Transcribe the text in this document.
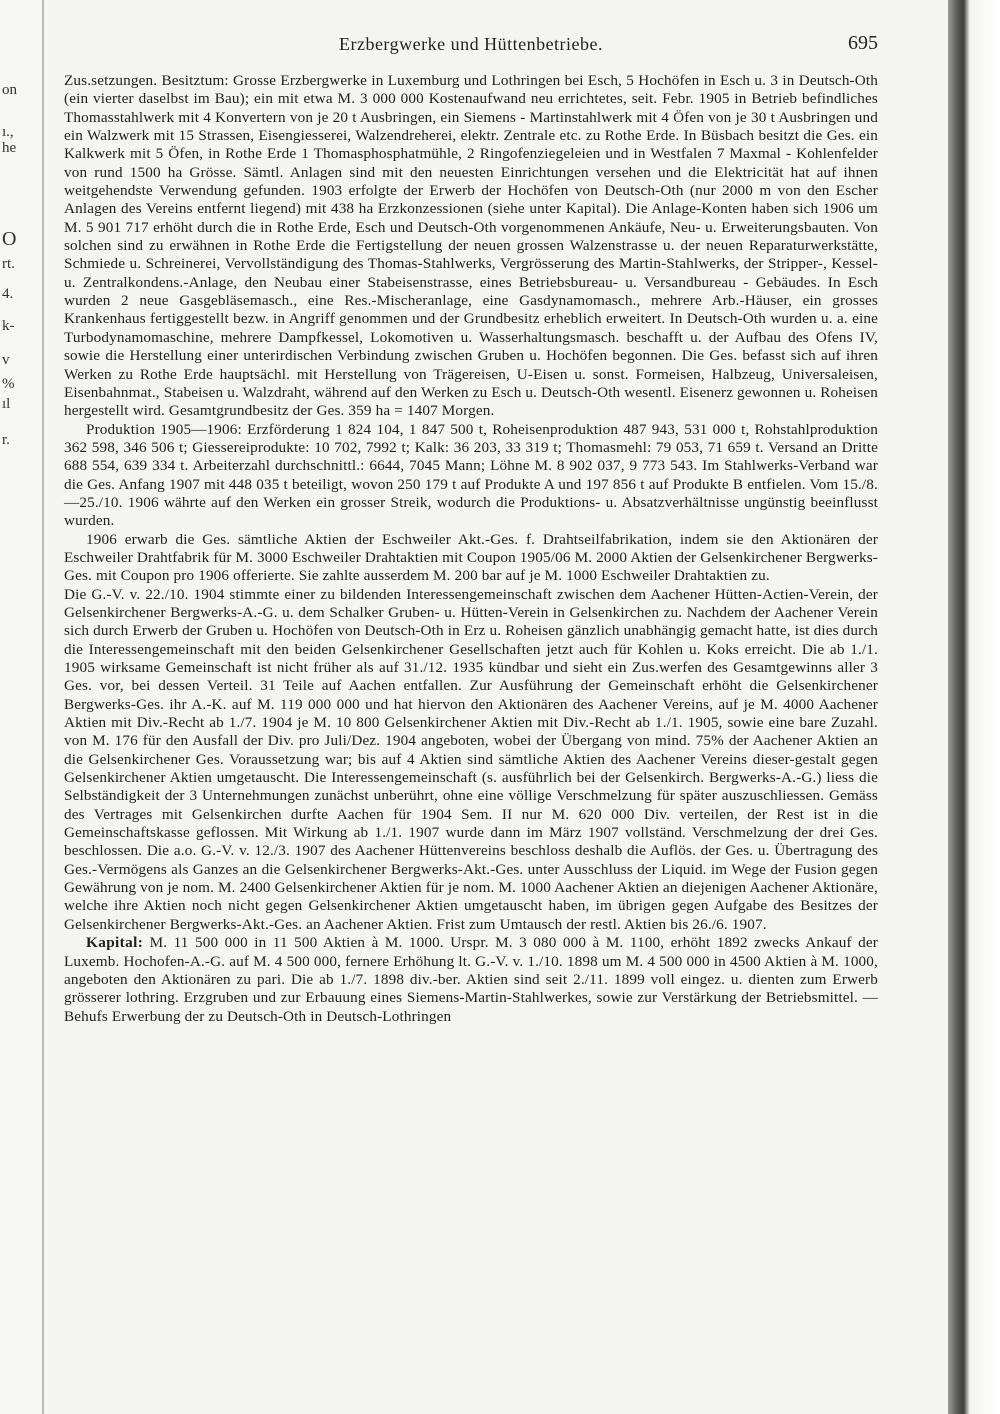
on
ı.,
he
O
rt.
4.
k-
v
%
ıl
r.
Erzbergwerke und Hüttenbetriebe.	695

Zus.setzungen. Besitztum: Grosse Erzbergwerke in Luxemburg und Lothringen bei Esch, 5 Hochöfen in Esch u. 3 in Deutsch-Oth (ein vierter daselbst im Bau); ein mit etwa M. 3 000 000 Kostenaufwand neu errichtetes, seit. Febr. 1905 in Betrieb befindliches Thomasstahlwerk mit 4 Konvertern von je 20 t Ausbringen, ein Siemens - Martinstahlwerk mit 4 Öfen von je 30 t Ausbringen und ein Walzwerk mit 15 Strassen, Eisengiesserei, Walzendreherei, elektr. Zentrale etc. zu Rothe Erde. In Büsbach besitzt die Ges. ein Kalkwerk mit 5 Öfen, in Rothe Erde 1 Thomasphosphatmühle, 2 Ringofenziegeleien und in Westfalen 7 Maxmal - Kohlenfelder von rund 1500 ha Grösse. Sämtl. Anlagen sind mit den neuesten Einrichtungen versehen und die Elektricität hat auf ihnen weitgehendste Verwendung gefunden. 1903 erfolgte der Erwerb der Hochöfen von Deutsch-Oth (nur 2000 m von den Escher Anlagen des Vereins entfernt liegend) mit 438 ha Erzkonzessionen (siehe unter Kapital). Die Anlage-Konten haben sich 1906 um M. 5 901 717 erhöht durch die in Rothe Erde, Esch und Deutsch-Oth vorgenommenen Ankäufe, Neu- u. Erweiterungsbauten. Von solchen sind zu erwähnen in Rothe Erde die Fertigstellung der neuen grossen Walzenstrasse u. der neuen Reparaturwerkstätte, Schmiede u. Schreinerei, Vervollständigung des Thomas-Stahlwerks, Vergrösserung des Martin-Stahlwerks, der Stripper-, Kessel- u. Zentralkondens.-Anlage, den Neubau einer Stabeisenstrasse, eines Betriebsbureau- u. Versandbureau - Gebäudes. In Esch wurden 2 neue Gasgebläsemasch., eine Res.-Mischeranlage, eine Gasdynamomasch., mehrere Arb.-Häuser, ein grosses Krankenhaus fertiggestellt bezw. in Angriff genommen und der Grundbesitz erheblich erweitert. In Deutsch-Oth wurden u. a. eine Turbodynamomaschine, mehrere Dampfkessel, Lokomotiven u. Wasserhaltungsmasch. beschafft u. der Aufbau des Ofens IV, sowie die Herstellung einer unterirdischen Verbindung zwischen Gruben u. Hochöfen begonnen. Die Ges. befasst sich auf ihren Werken zu Rothe Erde hauptsächl. mit Herstellung von Trägereisen, U-Eisen u. sonst. Formeisen, Halbzeug, Universaleisen, Eisenbahnmat., Stabeisen u. Walzdraht, während auf den Werken zu Esch u. Deutsch-Oth wesentl. Eisenerz gewonnen u. Roheisen hergestellt wird. Gesamtgrundbesitz der Ges. 359 ha = 1407 Morgen.

Produktion 1905—1906: Erzförderung 1 824 104, 1 847 500 t, Roheisenproduktion 487 943, 531 000 t, Rohstahlproduktion 362 598, 346 506 t; Giessereiprodukte: 10 702, 7992 t; Kalk: 36 203, 33 319 t; Thomasmehl: 79 053, 71 659 t. Versand an Dritte 688 554, 639 334 t. Arbeiterzahl durchschnittl.: 6644, 7045 Mann; Löhne M. 8 902 037, 9 773 543. Im Stahlwerks-Verband war die Ges. Anfang 1907 mit 448 035 t beteiligt, wovon 250 179 t auf Produkte A und 197 856 t auf Produkte B entfielen. Vom 15./8.—25./10. 1906 währte auf den Werken ein grosser Streik, wodurch die Produktions- u. Absatzverhältnisse ungünstig beeinflusst wurden.

1906 erwarb die Ges. sämtliche Aktien der Eschweiler Akt.-Ges. f. Drahtseilfabrikation, indem sie den Aktionären der Eschweiler Drahtfabrik für M. 3000 Eschweiler Drahtaktien mit Coupon 1905/06 M. 2000 Aktien der Gelsenkirchener Bergwerks-Ges. mit Coupon pro 1906 offerierte. Sie zahlte ausserdem M. 200 bar auf je M. 1000 Eschweiler Drahtaktien zu.

Die G.-V. v. 22./10. 1904 stimmte einer zu bildenden Interessengemeinschaft zwischen dem Aachener Hütten-Actien-Verein, der Gelsenkirchener Bergwerks-A.-G. u. dem Schalker Gruben- u. Hütten-Verein in Gelsenkirchen zu. Nachdem der Aachener Verein sich durch Erwerb der Gruben u. Hochöfen von Deutsch-Oth in Erz u. Roheisen gänzlich unabhängig gemacht hatte, ist dies durch die Interessengemeinschaft mit den beiden Gelsenkirchener Gesellschaften jetzt auch für Kohlen u. Koks erreicht. Die ab 1./1. 1905 wirksame Gemeinschaft ist nicht früher als auf 31./12. 1935 kündbar und sieht ein Zus.werfen des Gesamtgewinns aller 3 Ges. vor, bei dessen Verteil. 31 Teile auf Aachen entfallen. Zur Ausführung der Gemeinschaft erhöht die Gelsenkirchener Bergwerks-Ges. ihr A.-K. auf M. 119 000 000 und hat hiervon den Aktionären des Aachener Vereins, auf je M. 4000 Aachener Aktien mit Div.-Recht ab 1./7. 1904 je M. 10 800 Gelsenkirchener Aktien mit Div.-Recht ab 1./1. 1905, sowie eine bare Zuzahl. von M. 176 für den Ausfall der Div. pro Juli/Dez. 1904 angeboten, wobei der Übergang von mind. 75% der Aachener Aktien an die Gelsenkirchener Ges. Voraussetzung war; bis auf 4 Aktien sind sämtliche Aktien des Aachener Vereins dieser-gestalt gegen Gelsenkirchener Aktien umgetauscht. Die Interessengemeinschaft (s. ausführlich bei der Gelsenkirch. Bergwerks-A.-G.) liess die Selbständigkeit der 3 Unternehmungen zunächst unberührt, ohne eine völlige Verschmelzung für später auszuschliessen. Gemäss des Vertrages mit Gelsenkirchen durfte Aachen für 1904 Sem. II nur M. 620 000 Div. verteilen, der Rest ist in die Gemeinschaftskasse geflossen. Mit Wirkung ab 1./1. 1907 wurde dann im März 1907 vollständ. Verschmelzung der drei Ges. beschlossen. Die a.o. G.-V. v. 12./3. 1907 des Aachener Hüttenvereins beschloss deshalb die Auflös. der Ges. u. Übertragung des Ges.-Vermögens als Ganzes an die Gelsenkirchener Bergwerks-Akt.-Ges. unter Ausschluss der Liquid. im Wege der Fusion gegen Gewährung von je nom. M. 2400 Gelsenkirchener Aktien für je nom. M. 1000 Aachener Aktien an diejenigen Aachener Aktionäre, welche ihre Aktien noch nicht gegen Gelsenkirchener Aktien umgetauscht haben, im übrigen gegen Aufgabe des Besitzes der Gelsenkirchener Bergwerks-Akt.-Ges. an Aachener Aktien. Frist zum Umtausch der restl. Aktien bis 26./6. 1907.

Kapital: M. 11 500 000 in 11 500 Aktien à M. 1000. Urspr. M. 3 080 000 à M. 1100, erhöht 1892 zwecks Ankauf der Luxemb. Hochofen-A.-G. auf M. 4 500 000, fernere Erhöhung lt. G.-V. v. 1./10. 1898 um M. 4 500 000 in 4500 Aktien à M. 1000, angeboten den Aktionären zu pari. Die ab 1./7. 1898 div.-ber. Aktien sind seit 2./11. 1899 voll eingez. u. dienten zum Erwerb grösserer lothring. Erzgruben und zur Erbauung eines Siemens-Martin-Stahlwerkes, sowie zur Verstärkung der Betriebsmittel. — Behufs Erwerbung der zu Deutsch-Oth in Deutsch-Lothringen
